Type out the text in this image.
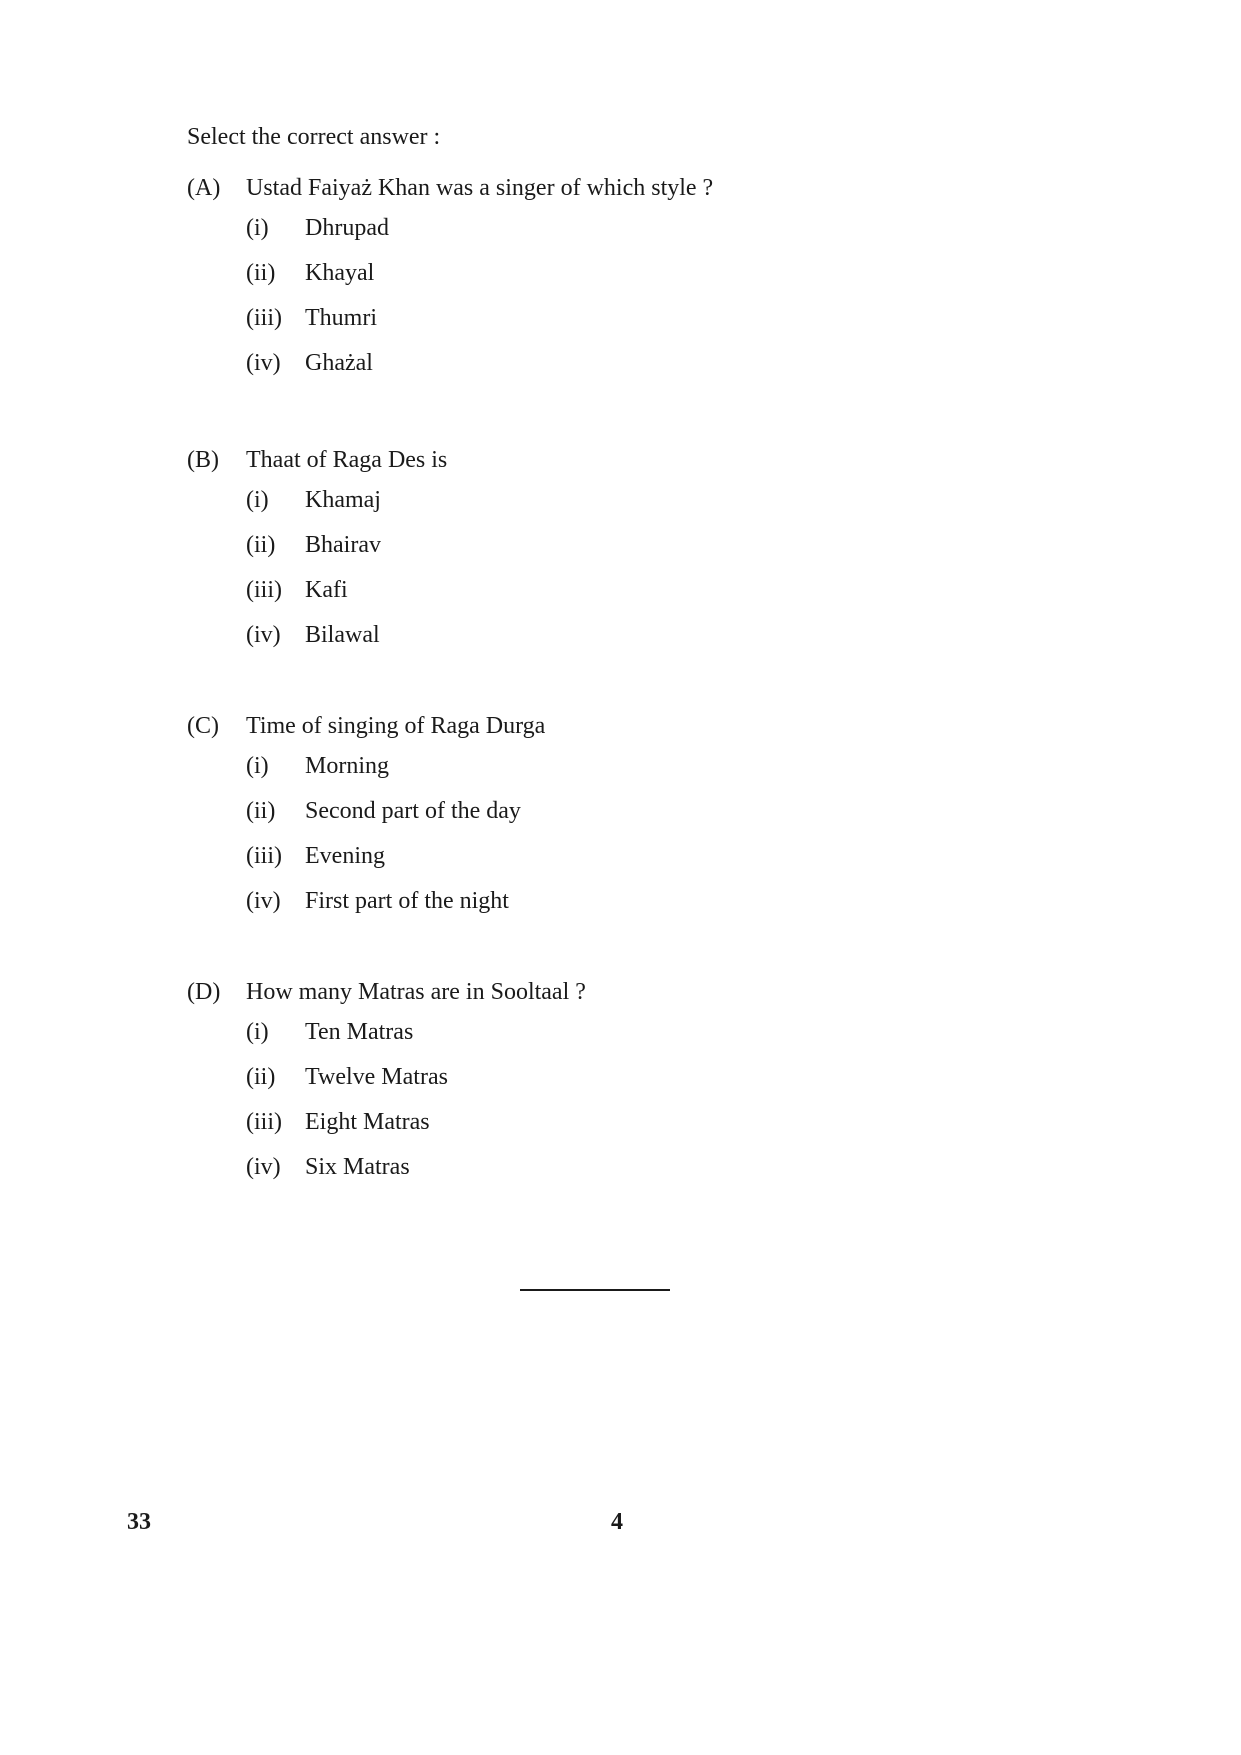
Select the correct answer :
(A) Ustad Faiyaż Khan was a singer of which style ?
(i) Dhrupad
(ii) Khayal
(iii) Thumri
(iv) Ghażal
(B) Thaat of Raga Des is
(i) Khamaj
(ii) Bhairav
(iii) Kafi
(iv) Bilawal
(C) Time of singing of Raga Durga
(i) Morning
(ii) Second part of the day
(iii) Evening
(iv) First part of the night
(D) How many Matras are in Sooltaal ?
(i) Ten Matras
(ii) Twelve Matras
(iii) Eight Matras
(iv) Six Matras
33	4
